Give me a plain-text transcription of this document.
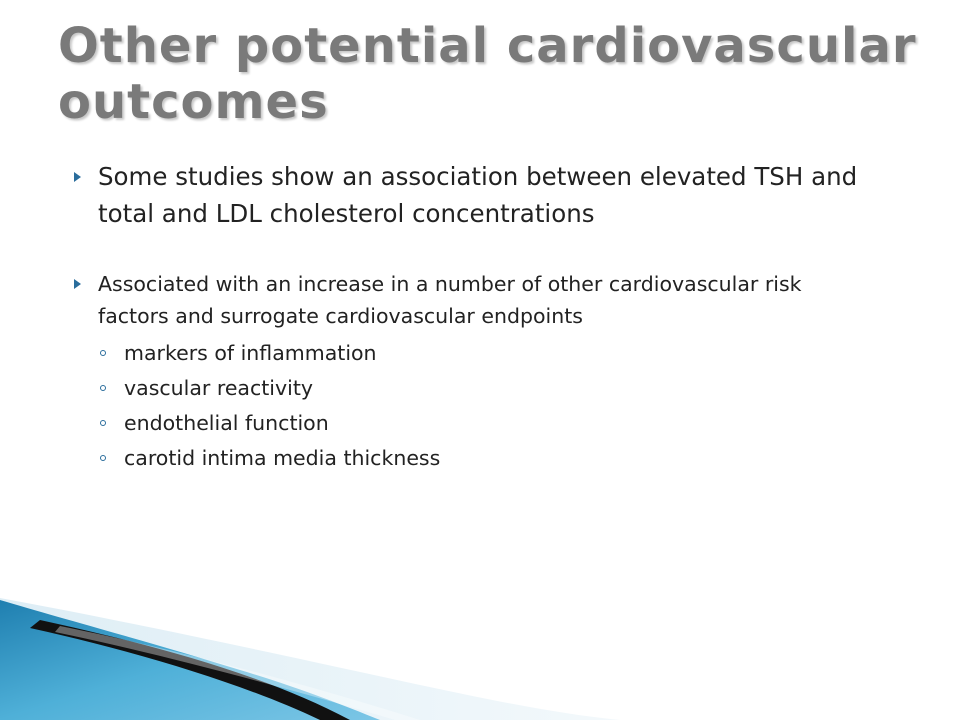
Other potential cardiovascular outcomes
Some studies show an association between elevated TSH and total and LDL cholesterol concentrations
Associated with an increase in a number of other cardiovascular risk factors and surrogate cardiovascular endpoints
markers of inflammation
vascular reactivity
endothelial function
carotid intima media thickness
